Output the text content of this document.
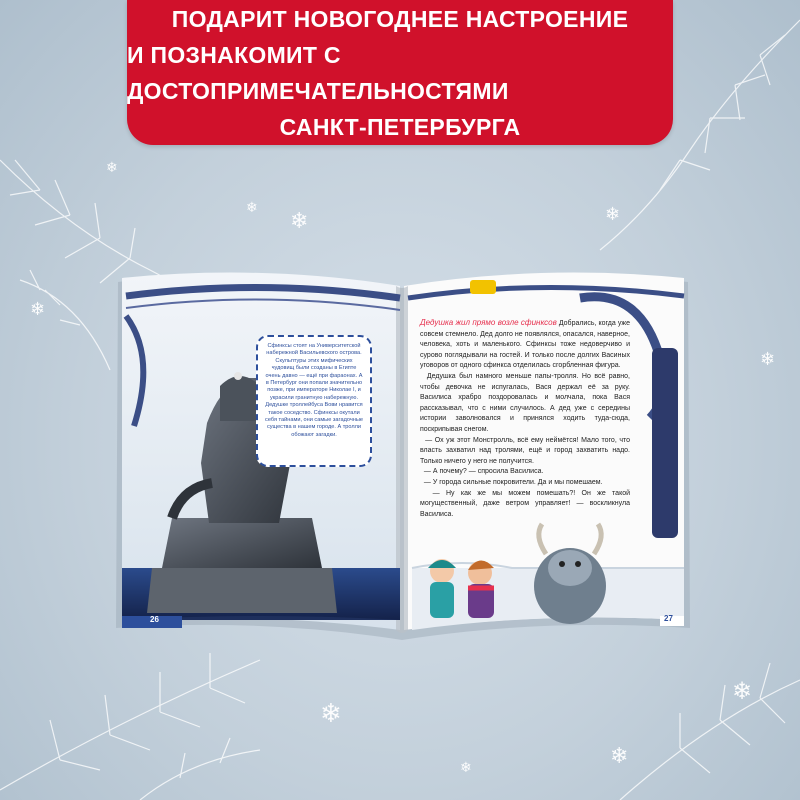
❄
❄
❄	❄
❄
❄	❄
❄
❄
❄
ПОДАРИТ НОВОГОДНЕЕ НАСТРОЕНИЕ
И ПОЗНАКОМИТ С ДОСТОПРИМЕЧАТЕЛЬНОСТЯМИ
САНКТ-ПЕТЕРБУРГА

Сфинксы стоят на Университетской набережной Васильевского острова. Скульптуры этих мифических чудовищ были созданы в Египте очень давно — ещё при фараонах. А в Петербург они попали значительно позже, при императоре Николае I, и украсили гранитную набережную. Дедушке троллейбуса Вови нравится такое соседство. Сфинксы окутали себя тайнами, они самые загадочные существа в нашем городе. А тролли обожают загадки.

Дедушка жил прямо возле сфинксов Добрались, когда уже совсем стемнело. Дед долго не появлялся, опасался, наверное, человека, хоть и маленького. Сфинксы тоже недоверчиво и сурово поглядывали на гостей. И только после долгих Васиных уговоров от одного сфинкса отделилась сгорбленная фигура.

Дедушка был намного меньше папы-тролля. Но всё равно, чтобы девочка не испугалась, Вася держал её за руку. Василиса храбро поздоровалась и молчала, пока Вася рассказывал, что с ними случилось. А дед уже с середины истории заволновался и принялся ходить туда-сюда, поскрипывая снегом.

— Ох уж этот Монстролль, всё ему неймётся! Мало того, что власть захватил над тролями, ещё и город захватить надо. Только ничего у него не получится.

— А почему? — спросила Василиса.

— У города сильные покровители. Да и мы помешаем.

— Ну как же мы можем помешать?! Он же такой могущественный, даже ветром управляет! — воскликнула Василиса.

26	27
